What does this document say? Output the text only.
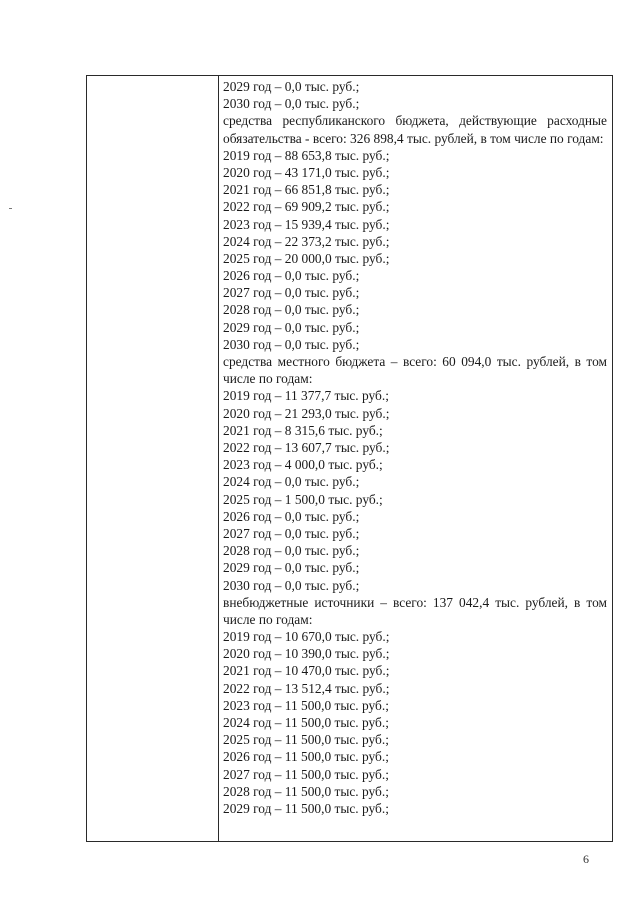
2029 год – 0,0 тыс. руб.;
2030 год – 0,0 тыс. руб.;
средства республиканского бюджета, действующие расходные обязательства - всего: 326 898,4 тыс. рублей, в том числе по годам:
2019 год – 88 653,8 тыс. руб.;
2020 год – 43 171,0 тыс. руб.;
2021 год – 66 851,8 тыс. руб.;
2022 год – 69 909,2 тыс. руб.;
2023 год – 15 939,4 тыс. руб.;
2024 год – 22 373,2 тыс. руб.;
2025 год – 20 000,0 тыс. руб.;
2026 год – 0,0 тыс. руб.;
2027 год – 0,0 тыс. руб.;
2028 год – 0,0 тыс. руб.;
2029 год – 0,0 тыс. руб.;
2030 год – 0,0 тыс. руб.;
средства местного бюджета – всего: 60 094,0 тыс. рублей, в том числе по годам:
2019 год – 11 377,7 тыс. руб.;
2020 год – 21 293,0 тыс. руб.;
2021 год – 8 315,6 тыс. руб.;
2022 год – 13 607,7 тыс. руб.;
2023 год – 4 000,0 тыс. руб.;
2024 год – 0,0 тыс. руб.;
2025 год – 1 500,0 тыс. руб.;
2026 год – 0,0 тыс. руб.;
2027 год – 0,0 тыс. руб.;
2028 год – 0,0 тыс. руб.;
2029 год – 0,0 тыс. руб.;
2030 год – 0,0 тыс. руб.;
внебюджетные источники – всего: 137 042,4 тыс. рублей, в том числе по годам:
2019 год – 10 670,0 тыс. руб.;
2020 год – 10 390,0 тыс. руб.;
2021 год – 10 470,0 тыс. руб.;
2022 год – 13 512,4 тыс. руб.;
2023 год – 11 500,0 тыс. руб.;
2024 год – 11 500,0 тыс. руб.;
2025 год – 11 500,0 тыс. руб.;
2026 год – 11 500,0 тыс. руб.;
2027 год – 11 500,0 тыс. руб.;
2028 год – 11 500,0 тыс. руб.;
2029 год – 11 500,0 тыс. руб.;
6
